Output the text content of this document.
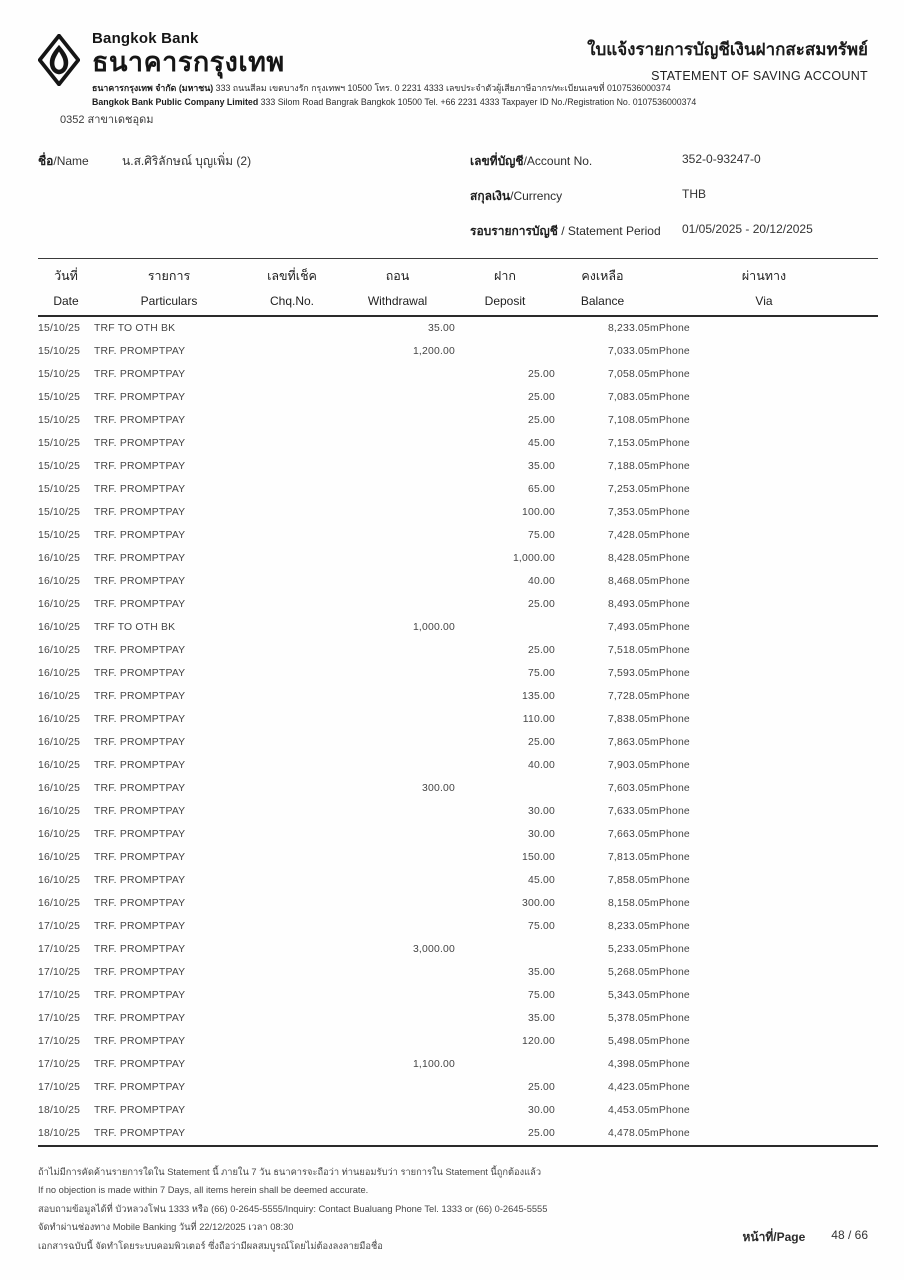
Bangkok Bank
ธนาคารกรุงเทพ
ธนาคารกรุงเทพ จำกัด (มหาชน) 333 ถนนสีลม เขตบางรัก กรุงเทพฯ 10500 โทร. 0 2231 4333 เลขประจำตัวผู้เสียภาษีอากร/ทะเบียนเลขที่ 0107536000374
Bangkok Bank Public Company Limited 333 Silom Road Bangrak Bangkok 10500 Tel. +66 2231 4333 Taxpayer ID No./Registration No. 0107536000374
ใบแจ้งรายการบัญชีเงินฝากสะสมทรัพย์
STATEMENT OF SAVING ACCOUNT
0352 สาขาเดชอุดม
ชื่อ/Name	น.ส.ศิริลักษณ์ บุญเพิ่ม (2)	เลขที่บัญชี/Account No.	352-0-93247-0
สกุลเงิน/Currency	THB
รอบรายการบัญชี / Statement Period	01/05/2025 - 20/12/2025
วันที่
Date

รายการ
Particulars

เลขที่เช็ค
Chq.No.

ถอน
Withdrawal

ฝาก
Deposit

คงเหลือ
Balance

ผ่านทาง
Via

15/10/25	TRF TO OTH BK		35.00		8,233.05	mPhone
15/10/25	TRF. PROMPTPAY		1,200.00		7,033.05	mPhone
15/10/25	TRF. PROMPTPAY			25.00	7,058.05	mPhone
15/10/25	TRF. PROMPTPAY			25.00	7,083.05	mPhone
15/10/25	TRF. PROMPTPAY			25.00	7,108.05	mPhone
15/10/25	TRF. PROMPTPAY			45.00	7,153.05	mPhone
15/10/25	TRF. PROMPTPAY			35.00	7,188.05	mPhone
15/10/25	TRF. PROMPTPAY			65.00	7,253.05	mPhone
15/10/25	TRF. PROMPTPAY			100.00	7,353.05	mPhone
15/10/25	TRF. PROMPTPAY			75.00	7,428.05	mPhone
16/10/25	TRF. PROMPTPAY			1,000.00	8,428.05	mPhone
16/10/25	TRF. PROMPTPAY			40.00	8,468.05	mPhone
16/10/25	TRF. PROMPTPAY			25.00	8,493.05	mPhone
16/10/25	TRF TO OTH BK		1,000.00		7,493.05	mPhone
16/10/25	TRF. PROMPTPAY			25.00	7,518.05	mPhone
16/10/25	TRF. PROMPTPAY			75.00	7,593.05	mPhone
16/10/25	TRF. PROMPTPAY			135.00	7,728.05	mPhone
16/10/25	TRF. PROMPTPAY			110.00	7,838.05	mPhone
16/10/25	TRF. PROMPTPAY			25.00	7,863.05	mPhone
16/10/25	TRF. PROMPTPAY			40.00	7,903.05	mPhone
16/10/25	TRF. PROMPTPAY		300.00		7,603.05	mPhone
16/10/25	TRF. PROMPTPAY			30.00	7,633.05	mPhone
16/10/25	TRF. PROMPTPAY			30.00	7,663.05	mPhone
16/10/25	TRF. PROMPTPAY			150.00	7,813.05	mPhone
16/10/25	TRF. PROMPTPAY			45.00	7,858.05	mPhone
16/10/25	TRF. PROMPTPAY			300.00	8,158.05	mPhone
17/10/25	TRF. PROMPTPAY			75.00	8,233.05	mPhone
17/10/25	TRF. PROMPTPAY		3,000.00		5,233.05	mPhone
17/10/25	TRF. PROMPTPAY			35.00	5,268.05	mPhone
17/10/25	TRF. PROMPTPAY			75.00	5,343.05	mPhone
17/10/25	TRF. PROMPTPAY			35.00	5,378.05	mPhone
17/10/25	TRF. PROMPTPAY			120.00	5,498.05	mPhone
17/10/25	TRF. PROMPTPAY		1,100.00		4,398.05	mPhone
17/10/25	TRF. PROMPTPAY			25.00	4,423.05	mPhone
18/10/25	TRF. PROMPTPAY			30.00	4,453.05	mPhone
18/10/25	TRF. PROMPTPAY			25.00	4,478.05	mPhone
ถ้าไม่มีการคัดค้านรายการใดใน Statement นี้ ภายใน 7 วัน ธนาคารจะถือว่า ท่านยอมรับว่า รายการใน Statement นี้ถูกต้องแล้ว
If no objection is made within 7 Days, all items herein shall be deemed accurate.
สอบถามข้อมูลได้ที่ บัวหลวงโฟน 1333 หรือ (66) 0-2645-5555/Inquiry: Contact Bualuang Phone Tel. 1333 or (66) 0-2645-5555
จัดทำผ่านช่องทาง Mobile Banking วันที่ 22/12/2025 เวลา 08:30
เอกสารฉบับนี้ จัดทำโดยระบบคอมพิวเตอร์ ซึ่งถือว่ามีผลสมบูรณ์โดยไม่ต้องลงลายมือชื่อ
หน้าที่/Page 48 / 66
